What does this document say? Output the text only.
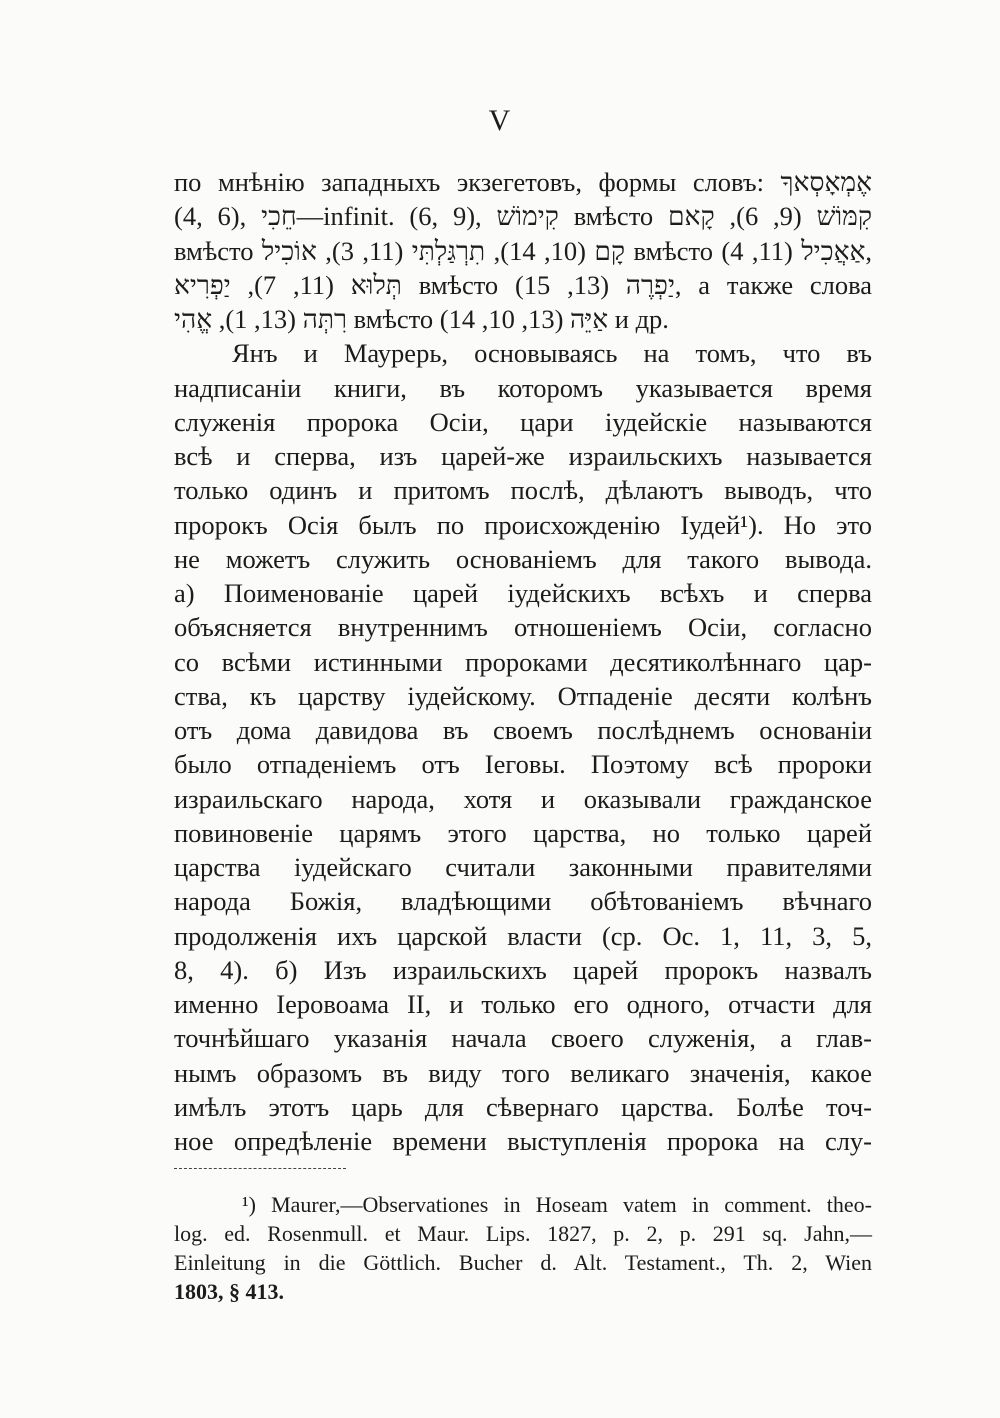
V
по мнѣнію западныхъ экзегетовъ, формы словъ: אֶמְאָסְאךָ
(4, 6), חֵכִי—infinit. (6, 9), קִימוֹשׁ вмѣсто קִמּוֹשׁ (9, 6), קָאם
вмѣсто קָם (10, 14), תִרְגַּלְתִּי (11, 3), אוֹכִיל вмѣсто אַאֲכִיל (11, 4),
תְּלוּא (11, 7), יַפְרִיא вмѣсто יַפְרֶה (13, 15), а также слова
רִתְּה (13, 1), אֱהִי вмѣсто אַיֵּה (13, 10, 14) и др.
Янъ и Маурерь, основываясь на томъ, что въ
надписаніи книги, въ которомъ указывается время
служенія пророка Осіи, цари іудейскіе называются
всѣ и сперва, изъ царей-же израильскихъ называется
только одинъ и притомъ послѣ, дѣлаютъ выводъ, что
пророкъ Осія былъ по происхожденію Іудей¹). Но это
не можетъ служить основаніемъ для такого вывода.
а) Поименованіе царей іудейскихъ всѣхъ и сперва
объясняется внутреннимъ отношеніемъ Осіи, согласно
со всѣми истинными пророками десятиколѣннаго цар-
ства, къ царству іудейскому. Отпаденіе десяти колѣнъ
отъ дома давидова въ своемъ послѣднемъ основаніи
было отпаденіемъ отъ Іеговы. Поэтому всѣ пророки
израильскаго народа, хотя и оказывали гражданское
повиновеніе царямъ этого царства, но только царей
царства іудейскаго считали законными правителями
народа Божія, владѣющими обѣтованіемъ вѣчнаго
продолженія ихъ царской власти (ср. Ос. 1, 11, 3, 5,
8, 4). б) Изъ израильскихъ царей пророкъ назвалъ
именно Іеровоама II, и только его одного, отчасти для
точнѣйшаго указанія начала своего служенія, а глав-
нымъ образомъ въ виду того великаго значенія, какое
имѣлъ этотъ царь для сѣвернаго царства. Болѣе точ-
ное опредѣленіе времени выступленія пророка на слу-
¹) Maurer,—Observationes in Hoseam vatem in comment. theo-
log. ed. Rosenmull. et Maur. Lips. 1827, p. 2, p. 291 sq. Jahn,—
Einleitung in die Göttlich. Bucher d. Alt. Testament., Th. 2, Wien
1803, § 413.
